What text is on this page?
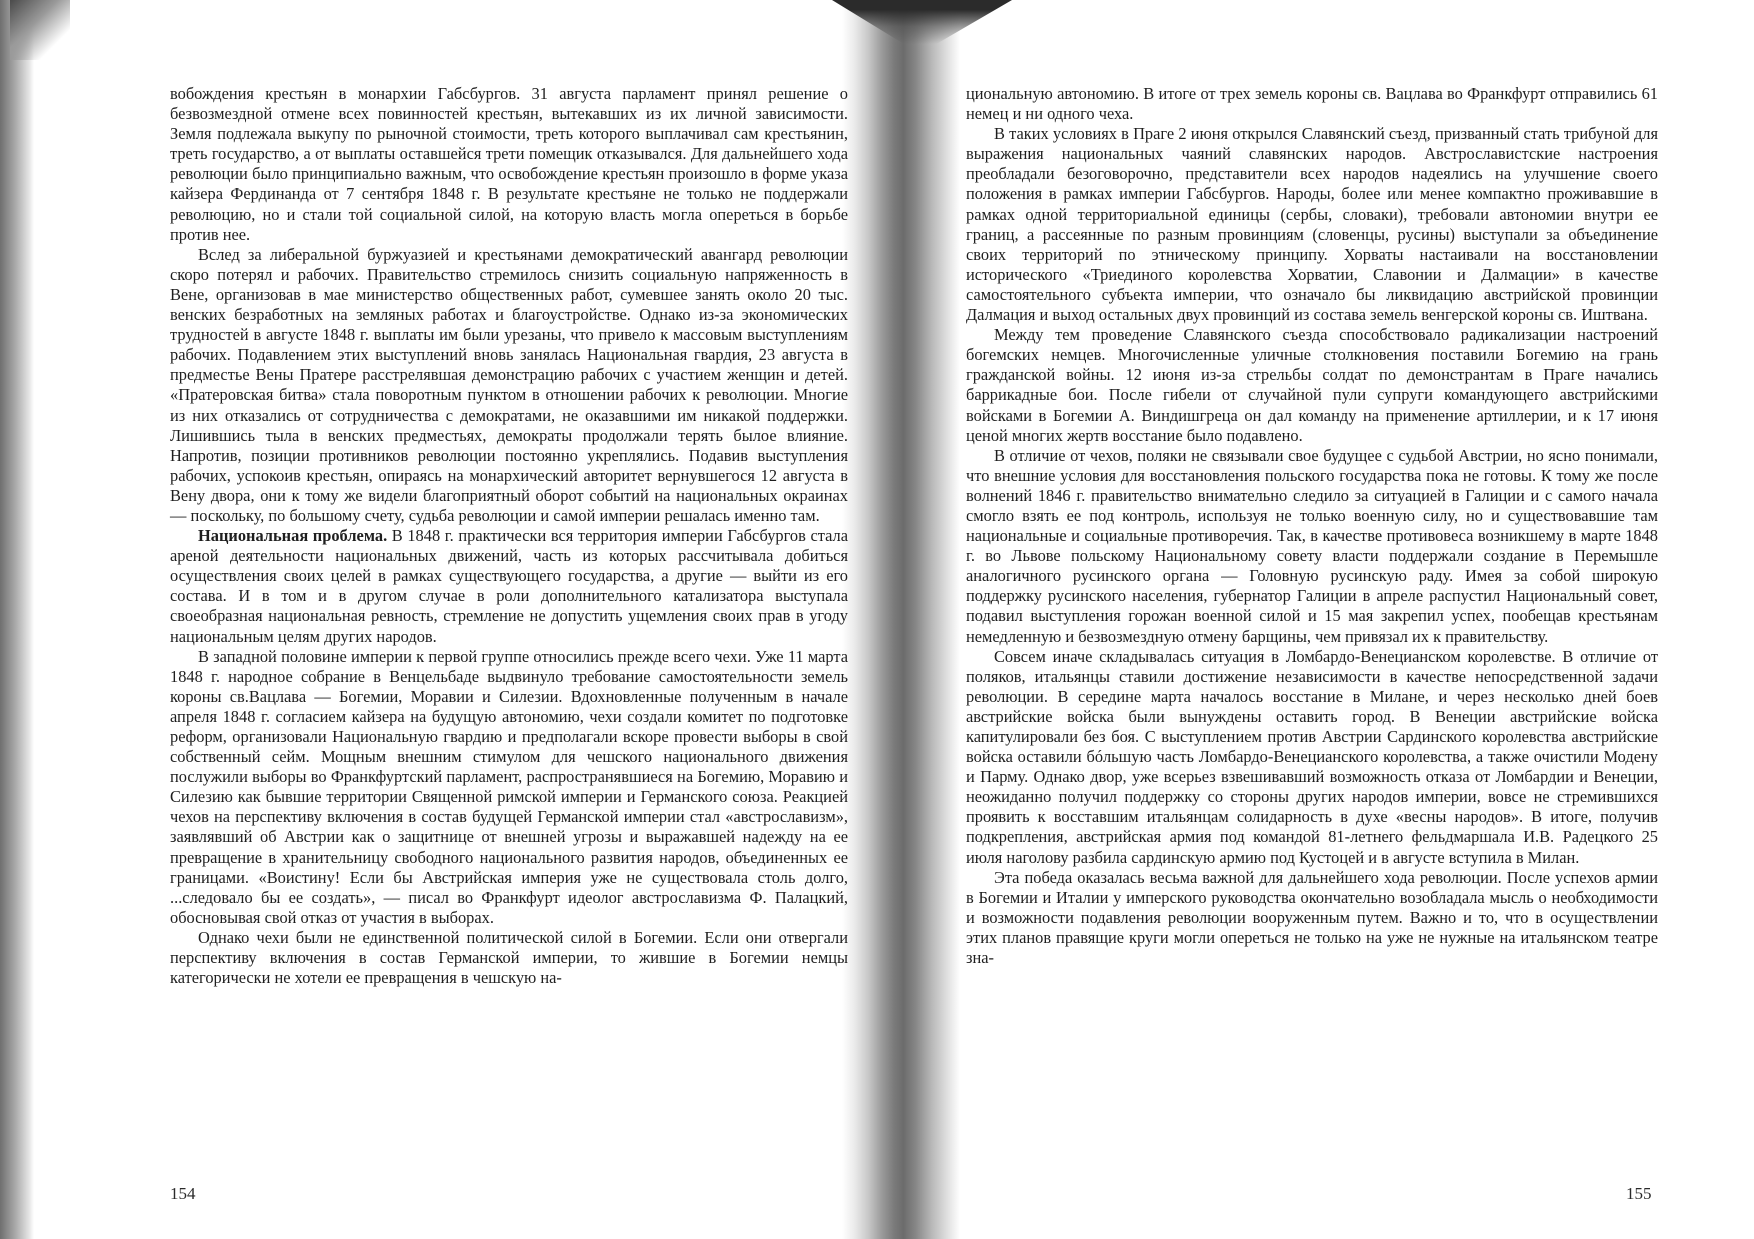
вобождения крестьян в монархии Габсбургов. 31 августа парламент принял решение о безвозмездной отмене всех повинностей крестьян, вытекавших из их личной зависимости. Земля подлежала выкупу по рыночной стоимости, треть которого выплачивал сам крестьянин, треть государство, а от выплаты оставшейся трети помещик отказывался. Для дальнейшего хода революции было принципиально важным, что освобождение крестьян произошло в форме указа кайзера Фердинанда от 7 сентября 1848 г. В результате крестьяне не только не поддержали революцию, но и стали той социальной силой, на которую власть могла опереться в борьбе против нее.

Вслед за либеральной буржуазией и крестьянами демократический авангард революции скоро потерял и рабочих. Правительство стремилось снизить социальную напряженность в Вене, организовав в мае министерство общественных работ, сумевшее занять около 20 тыс. венских безработных на земляных работах и благоустройстве. Однако из-за экономических трудностей в августе 1848 г. выплаты им были урезаны, что привело к массовым выступлениям рабочих. Подавлением этих выступлений вновь занялась Национальная гвардия, 23 августа в предместье Вены Пратере расстрелявшая демонстрацию рабочих с участием женщин и детей. «Пратеровская битва» стала поворотным пунктом в отношении рабочих к революции. Многие из них отказались от сотрудничества с демократами, не оказавшими им никакой поддержки. Лишившись тыла в венских предместьях, демократы продолжали терять былое влияние. Напротив, позиции противников революции постоянно укреплялись. Подавив выступления рабочих, успокоив крестьян, опираясь на монархический авторитет вернувшегося 12 августа в Вену двора, они к тому же видели благоприятный оборот событий на национальных окраинах — поскольку, по большому счету, судьба революции и самой империи решалась именно там.

Национальная проблема. В 1848 г. практически вся территория империи Габсбургов стала ареной деятельности национальных движений, часть из которых рассчитывала добиться осуществления своих целей в рамках существующего государства, а другие — выйти из его состава. И в том и в другом случае в роли дополнительного катализатора выступала своеобразная национальная ревность, стремление не допустить ущемления своих прав в угоду национальным целям других народов.

В западной половине империи к первой группе относились прежде всего чехи. Уже 11 марта 1848 г. народное собрание в Венцельбаде выдвинуло требование самостоятельности земель короны св.Вацлава — Богемии, Моравии и Силезии. Вдохновленные полученным в начале апреля 1848 г. согласием кайзера на будущую автономию, чехи создали комитет по подготовке реформ, организовали Национальную гвардию и предполагали вскоре провести выборы в свой собственный сейм. Мощным внешним стимулом для чешского национального движения послужили выборы во Франкфуртский парламент, распространявшиеся на Богемию, Моравию и Силезию как бывшие территории Священной римской империи и Германского союза. Реакцией чехов на перспективу включения в состав будущей Германской империи стал «австрославизм», заявлявший об Австрии как о защитнице от внешней угрозы и выражавшей надежду на ее превращение в хранительницу свободного национального развития народов, объединенных ее границами. «Воистину! Если бы Австрийская империя уже не существовала столь долго, ...следовало бы ее создать», — писал во Франкфурт идеолог австрославизма Ф. Палацкий, обосновывая свой отказ от участия в выборах.

Однако чехи были не единственной политической силой в Богемии. Если они отвергали перспективу включения в состав Германской империи, то жившие в Богемии немцы категорически не хотели ее превращения в чешскую на-

154

циональную автономию. В итоге от трех земель короны св. Вацлава во Франкфурт отправились 61 немец и ни одного чеха.

В таких условиях в Праге 2 июня открылся Славянский съезд, призванный стать трибуной для выражения национальных чаяний славянских народов. Австрославистские настроения преобладали безоговорочно, представители всех народов надеялись на улучшение своего положения в рамках империи Габсбургов. Народы, более или менее компактно проживавшие в рамках одной территориальной единицы (сербы, словаки), требовали автономии внутри ее границ, а рассеянные по разным провинциям (словенцы, русины) выступали за объединение своих территорий по этническому принципу. Хорваты настаивали на восстановлении исторического «Триединого королевства Хорватии, Славонии и Далмации» в качестве самостоятельного субъекта империи, что означало бы ликвидацию австрийской провинции Далмация и выход остальных двух провинций из состава земель венгерской короны св. Иштвана.

Между тем проведение Славянского съезда способствовало радикализации настроений богемских немцев. Многочисленные уличные столкновения поставили Богемию на грань гражданской войны. 12 июня из-за стрельбы солдат по демонстрантам в Праге начались баррикадные бои. После гибели от случайной пули супруги командующего австрийскими войсками в Богемии А. Виндишгреца он дал команду на применение артиллерии, и к 17 июня ценой многих жертв восстание было подавлено.

В отличие от чехов, поляки не связывали свое будущее с судьбой Австрии, но ясно понимали, что внешние условия для восстановления польского государства пока не готовы. К тому же после волнений 1846 г. правительство внимательно следило за ситуацией в Галиции и с самого начала смогло взять ее под контроль, используя не только военную силу, но и существовавшие там национальные и социальные противоречия. Так, в качестве противовеса возникшему в марте 1848 г. во Львове польскому Национальному совету власти поддержали создание в Перемышле аналогичного русинского органа — Головную русинскую раду. Имея за собой широкую поддержку русинского населения, губернатор Галиции в апреле распустил Национальный совет, подавил выступления горожан военной силой и 15 мая закрепил успех, пообещав крестьянам немедленную и безвозмездную отмену барщины, чем привязал их к правительству.

Совсем иначе складывалась ситуация в Ломбардо-Венецианском королевстве. В отличие от поляков, итальянцы ставили достижение независимости в качестве непосредственной задачи революции. В середине марта началось восстание в Милане, и через несколько дней боев австрийские войска были вынуждены оставить город. В Венеции австрийские войска капитулировали без боя. С выступлением против Австрии Сардинского королевства австрийские войска оставили бóльшую часть Ломбардо-Венецианского королевства, а также очистили Модену и Парму. Однако двор, уже всерьез взвешивавший возможность отказа от Ломбардии и Венеции, неожиданно получил поддержку со стороны других народов империи, вовсе не стремившихся проявить к восставшим итальянцам солидарность в духе «весны народов». В итоге, получив подкрепления, австрийская армия под командой 81-летнего фельдмаршала И.В. Радецкого 25 июля наголову разбила сардинскую армию под Кустоцей и в августе вступила в Милан.

Эта победа оказалась весьма важной для дальнейшего хода революции. После успехов армии в Богемии и Италии у имперского руководства окончательно возобладала мысль о необходимости и возможности подавления революции вооруженным путем. Важно и то, что в осуществлении этих планов правящие круги могли опереться не только на уже не нужные на итальянском театре зна-

155
